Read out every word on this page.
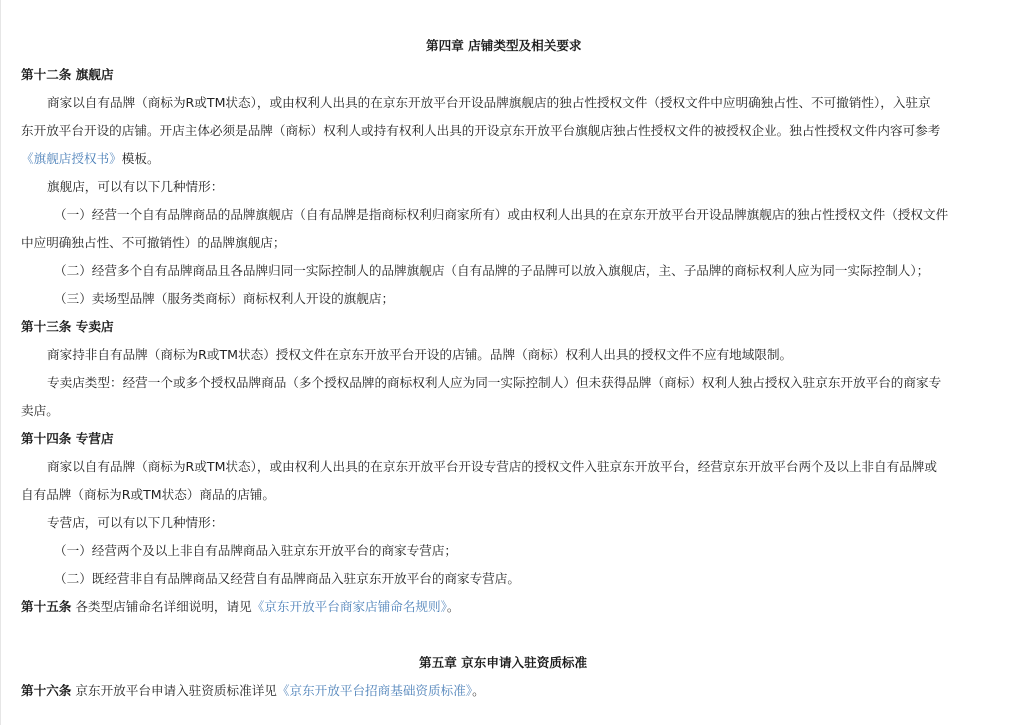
第四章 店铺类型及相关要求
第十二条 旗舰店
商家以自有品牌（商标为R或TM状态），或由权利人出具的在京东开放平台开设品牌旗舰店的独占性授权文件（授权文件中应明确独占性、不可撤销性），入驻京
东开放平台开设的店铺。开店主体必须是品牌（商标）权利人或持有权利人出具的开设京东开放平台旗舰店独占性授权文件的被授权企业。独占性授权文件内容可参考
《旗舰店授权书》模板。
旗舰店，可以有以下几种情形：
（一）经营一个自有品牌商品的品牌旗舰店（自有品牌是指商标权利归商家所有）或由权利人出具的在京东开放平台开设品牌旗舰店的独占性授权文件（授权文件
中应明确独占性、不可撤销性）的品牌旗舰店；
（二）经营多个自有品牌商品且各品牌归同一实际控制人的品牌旗舰店（自有品牌的子品牌可以放入旗舰店，主、子品牌的商标权利人应为同一实际控制人）；
（三）卖场型品牌（服务类商标）商标权利人开设的旗舰店；
第十三条 专卖店
商家持非自有品牌（商标为R或TM状态）授权文件在京东开放平台开设的店铺。品牌（商标）权利人出具的授权文件不应有地域限制。
专卖店类型：经营一个或多个授权品牌商品（多个授权品牌的商标权利人应为同一实际控制人）但未获得品牌（商标）权利人独占授权入驻京东开放平台的商家专
卖店。
第十四条 专营店
商家以自有品牌（商标为R或TM状态），或由权利人出具的在京东开放平台开设专营店的授权文件入驻京东开放平台，经营京东开放平台两个及以上非自有品牌或
自有品牌（商标为R或TM状态）商品的店铺。
专营店，可以有以下几种情形：
（一）经营两个及以上非自有品牌商品入驻京东开放平台的商家专营店；
（二）既经营非自有品牌商品又经营自有品牌商品入驻京东开放平台的商家专营店。
第十五条 各类型店铺命名详细说明，请见《京东开放平台商家店铺命名规则》。
第五章 京东申请入驻资质标准
第十六条 京东开放平台申请入驻资质标准详见《京东开放平台招商基础资质标准》。
